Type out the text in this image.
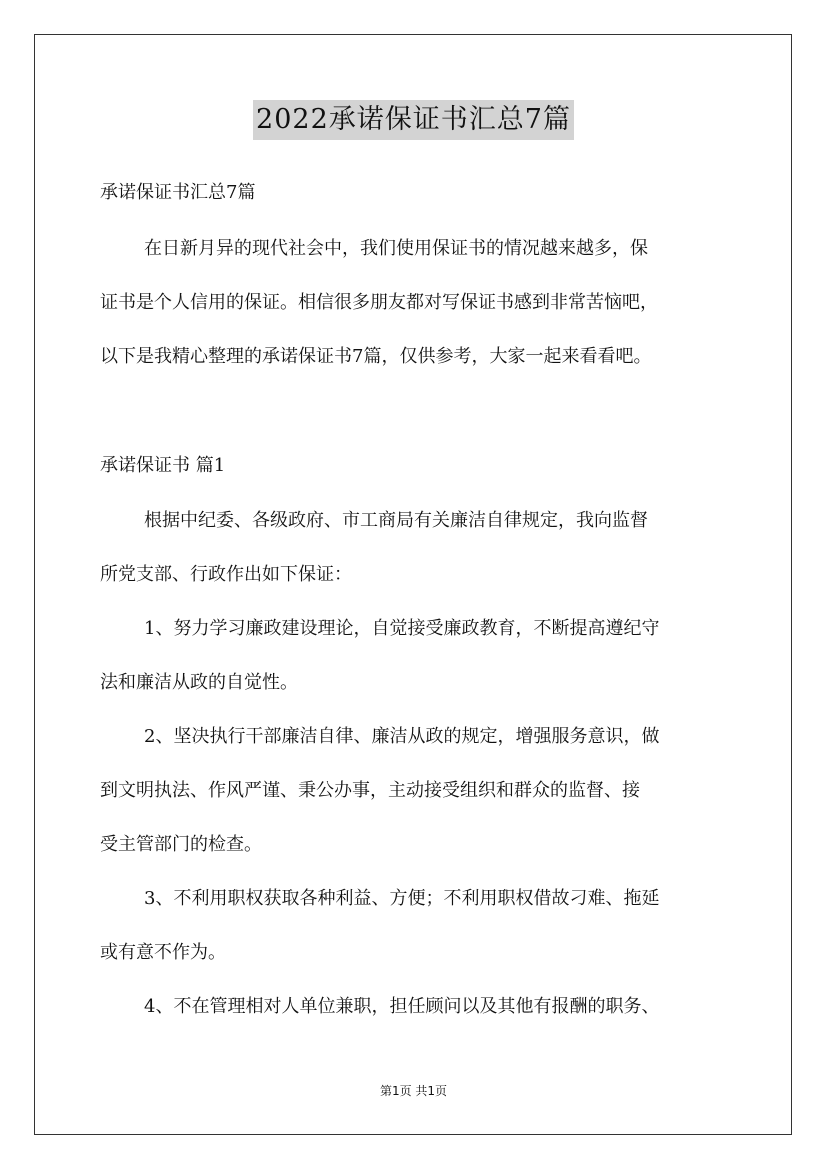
2022承诺保证书汇总7篇
承诺保证书汇总7篇
在日新月异的现代社会中，我们使用保证书的情况越来越多，保
证书是个人信用的保证。相信很多朋友都对写保证书感到非常苦恼吧，
以下是我精心整理的承诺保证书7篇，仅供参考，大家一起来看看吧。
承诺保证书 篇1
根据中纪委、各级政府、市工商局有关廉洁自律规定，我向监督
所党支部、行政作出如下保证：
1、努力学习廉政建设理论，自觉接受廉政教育，不断提高遵纪守
法和廉洁从政的自觉性。
2、坚决执行干部廉洁自律、廉洁从政的规定，增强服务意识，做
到文明执法、作风严谨、秉公办事，主动接受组织和群众的监督、接
受主管部门的检查。
3、不利用职权获取各种利益、方便；不利用职权借故刁难、拖延
或有意不作为。
4、不在管理相对人单位兼职，担任顾问以及其他有报酬的职务、
第1页 共1页
